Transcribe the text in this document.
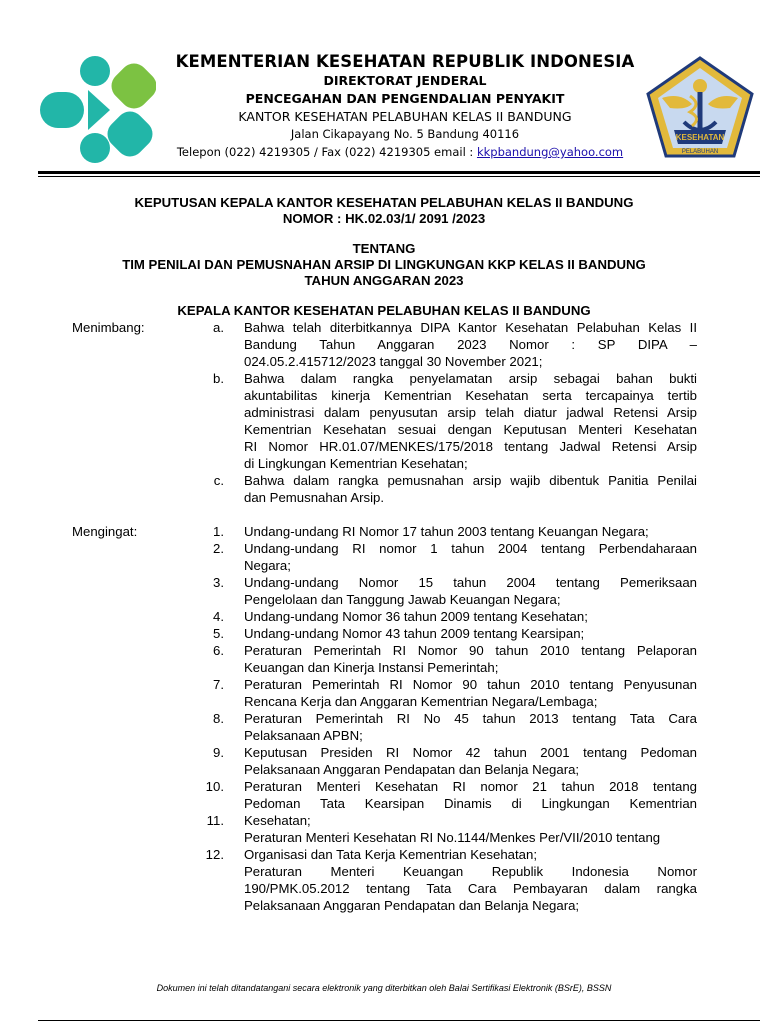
KESEHATAN
PELABUHAN
KEMENTERIAN KESEHATAN REPUBLIK INDONESIA
DIREKTORAT JENDERAL
PENCEGAHAN DAN PENGENDALIAN PENYAKIT
KANTOR KESEHATAN PELABUHAN KELAS II BANDUNG
Jalan Cikapayang No. 5 Bandung 40116
Telepon (022) 4219305 / Fax (022) 4219305 email : kkpbandung@yahoo.com
KEPUTUSAN KEPALA KANTOR KESEHATAN PELABUHAN KELAS II BANDUNG
NOMOR : HK.02.03/1/ 2091 /2023
TENTANG
TIM PENILAI DAN PEMUSNAHAN ARSIP DI LINGKUNGAN KKP KELAS II BANDUNG
TAHUN ANGGARAN 2023
KEPALA KANTOR KESEHATAN PELABUHAN KELAS II BANDUNG
Menimbang:	a. Bahwa telah diterbitkannya DIPA Kantor Kesehatan Pelabuhan Kelas II
Bandung Tahun Anggaran 2023 Nomor : SP DIPA –
024.05.2.415712/2023 tanggal 30 November 2021;
b. Bahwa dalam rangka penyelamatan arsip sebagai bahan bukti
akuntabilitas kinerja Kementrian Kesehatan serta tercapainya tertib
administrasi dalam penyusutan arsip telah diatur jadwal Retensi Arsip
Kementrian Kesehatan sesuai dengan Keputusan Menteri Kesehatan
RI Nomor HR.01.07/MENKES/175/2018 tentang Jadwal Retensi Arsip
di Lingkungan Kementrian Kesehatan;
c. Bahwa dalam rangka pemusnahan arsip wajib dibentuk Panitia Penilai
dan Pemusnahan Arsip.
Mengingat:	1.
2.
3.
4.
5.
6.
7.
8.
9.
10.
11.
12.
Undang-undang RI Nomor 17 tahun 2003 tentang Keuangan Negara;
Undang-undang RI nomor 1 tahun 2004 tentang Perbendaharaan
Negara;
Undang-undang Nomor 15 tahun 2004 tentang Pemeriksaan
Pengelolaan dan Tanggung Jawab Keuangan Negara;
Undang-undang Nomor 36 tahun 2009 tentang Kesehatan;
Undang-undang Nomor 43 tahun 2009 tentang Kearsipan;
Peraturan Pemerintah RI Nomor 90 tahun 2010 tentang Pelaporan
Keuangan dan Kinerja Instansi Pemerintah;
Peraturan Pemerintah RI Nomor 90 tahun 2010 tentang Penyusunan
Rencana Kerja dan Anggaran Kementrian Negara/Lembaga;
Peraturan Pemerintah RI No 45 tahun 2013 tentang Tata Cara
Pelaksanaan APBN;
Keputusan Presiden RI Nomor 42 tahun 2001 tentang Pedoman
Pelaksanaan Anggaran Pendapatan dan Belanja Negara;
Peraturan Menteri Kesehatan RI nomor 21 tahun 2018 tentang
Pedoman Tata Kearsipan Dinamis di Lingkungan Kementrian
Kesehatan;
Peraturan Menteri Kesehatan RI No.1144/Menkes Per/VII/2010 tentang
Organisasi dan Tata Kerja Kementrian Kesehatan;
Peraturan Menteri Keuangan Republik Indonesia Nomor
190/PMK.05.2012 tentang Tata Cara Pembayaran dalam rangka
Pelaksanaan Anggaran Pendapatan dan Belanja Negara;
Dokumen ini telah ditandatangani secara elektronik yang diterbitkan oleh Balai Sertifikasi Elektronik (BSrE), BSSN
